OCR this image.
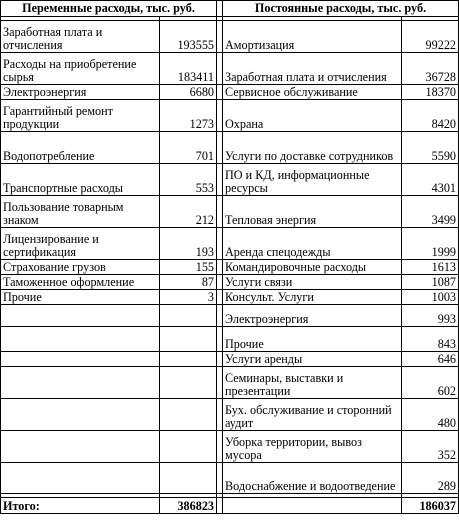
Переменные расходы, тыс. руб.			Постоянные расходы, тыс. руб.	

Заработная плата и отчисления	193555		Амортизация	99222
Расходы на приобретение сырья	183411		Заработная плата и отчисления	36728
Электроэнергия	6680		Сервисное обслуживание	18370
Гарантийный ремонт продукции	1273		Охрана	8420
Водопотребление	701		Услуги по доставке сотрудников	5590
Транспортные расходы	553		ПО и КД, информационные ресурсы	4301
Пользование товарным знаком	212		Тепловая энергия	3499
Лицензирование и сертификация	193		Аренда спецодежды	1999
Страхование грузов	155		Командировочные расходы	1613
Таможенное оформление	87		Услуги связи	1087
Прочие	3		Консульт. Услуги	1003
			Электроэнергия	993
			Прочие	843
			Услуги аренды	646
			Семинары, выставки и презентации	602
			Бух. обслуживание и сторонний аудит	480
			Уборка территории, вывоз мусора	352
			Водоснабжение и водоотведение	289

Итого:	386823			186037
